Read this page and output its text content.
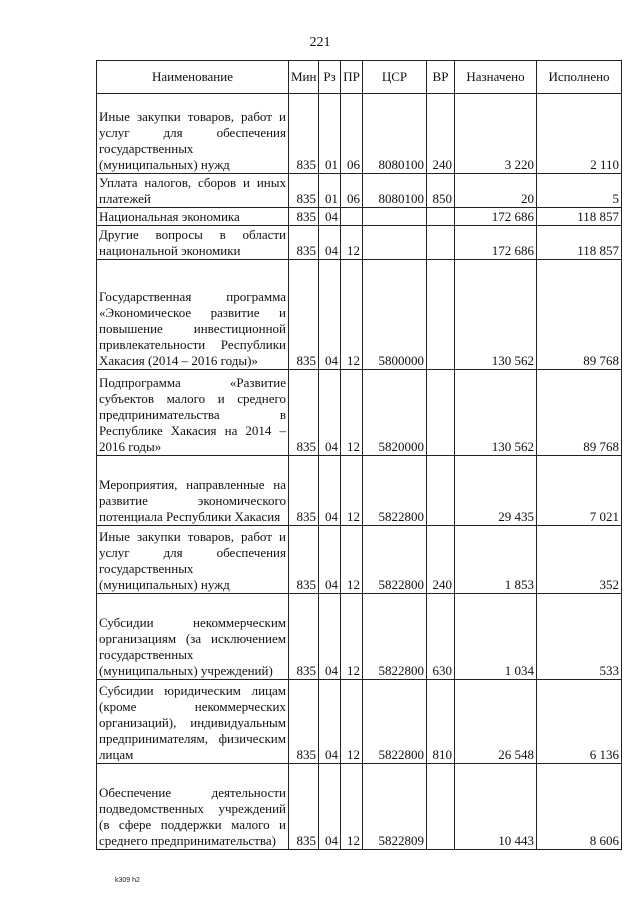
221
Наименование	Мин	Рз	ПР	ЦСР	ВР	Назначено	Исполнено
Иные закупки товаров, работ и услуг для обеспечения государственных (муниципальных) нужд	835	01	06	8080100	240	3 220	2 110
Уплата налогов, сборов и иных платежей	835	01	06	8080100	850	20	5
Национальная экономика	835	04				172 686	118 857
Другие вопросы в области национальной экономики	835	04	12			172 686	118 857
Государственная программа «Экономическое развитие и повышение инвестиционной привлекательности Республики Хакасия (2014 – 2016 годы)»	835	04	12	5800000		130 562	89 768
Подпрограмма «Развитие субъектов малого и среднего предпринимательства в Республике Хакасия на 2014 – 2016 годы»	835	04	12	5820000		130 562	89 768
Мероприятия, направленные на развитие экономического потенциала Республики Хакасия	835	04	12	5822800		29 435	7 021
Иные закупки товаров, работ и услуг для обеспечения государственных (муниципальных) нужд	835	04	12	5822800	240	1 853	352
Субсидии некоммерческим организациям (за исключением государственных (муниципальных) учреждений)	835	04	12	5822800	630	1 034	533
Субсидии юридическим лицам (кроме некоммерческих организаций), индивидуальным предпринимателям, физическим лицам	835	04	12	5822800	810	26 548	6 136
Обеспечение деятельности подведомственных учреждений (в сфере поддержки малого и среднего предпринимательства)	835	04	12	5822809		10 443	8 606
k309 h2
